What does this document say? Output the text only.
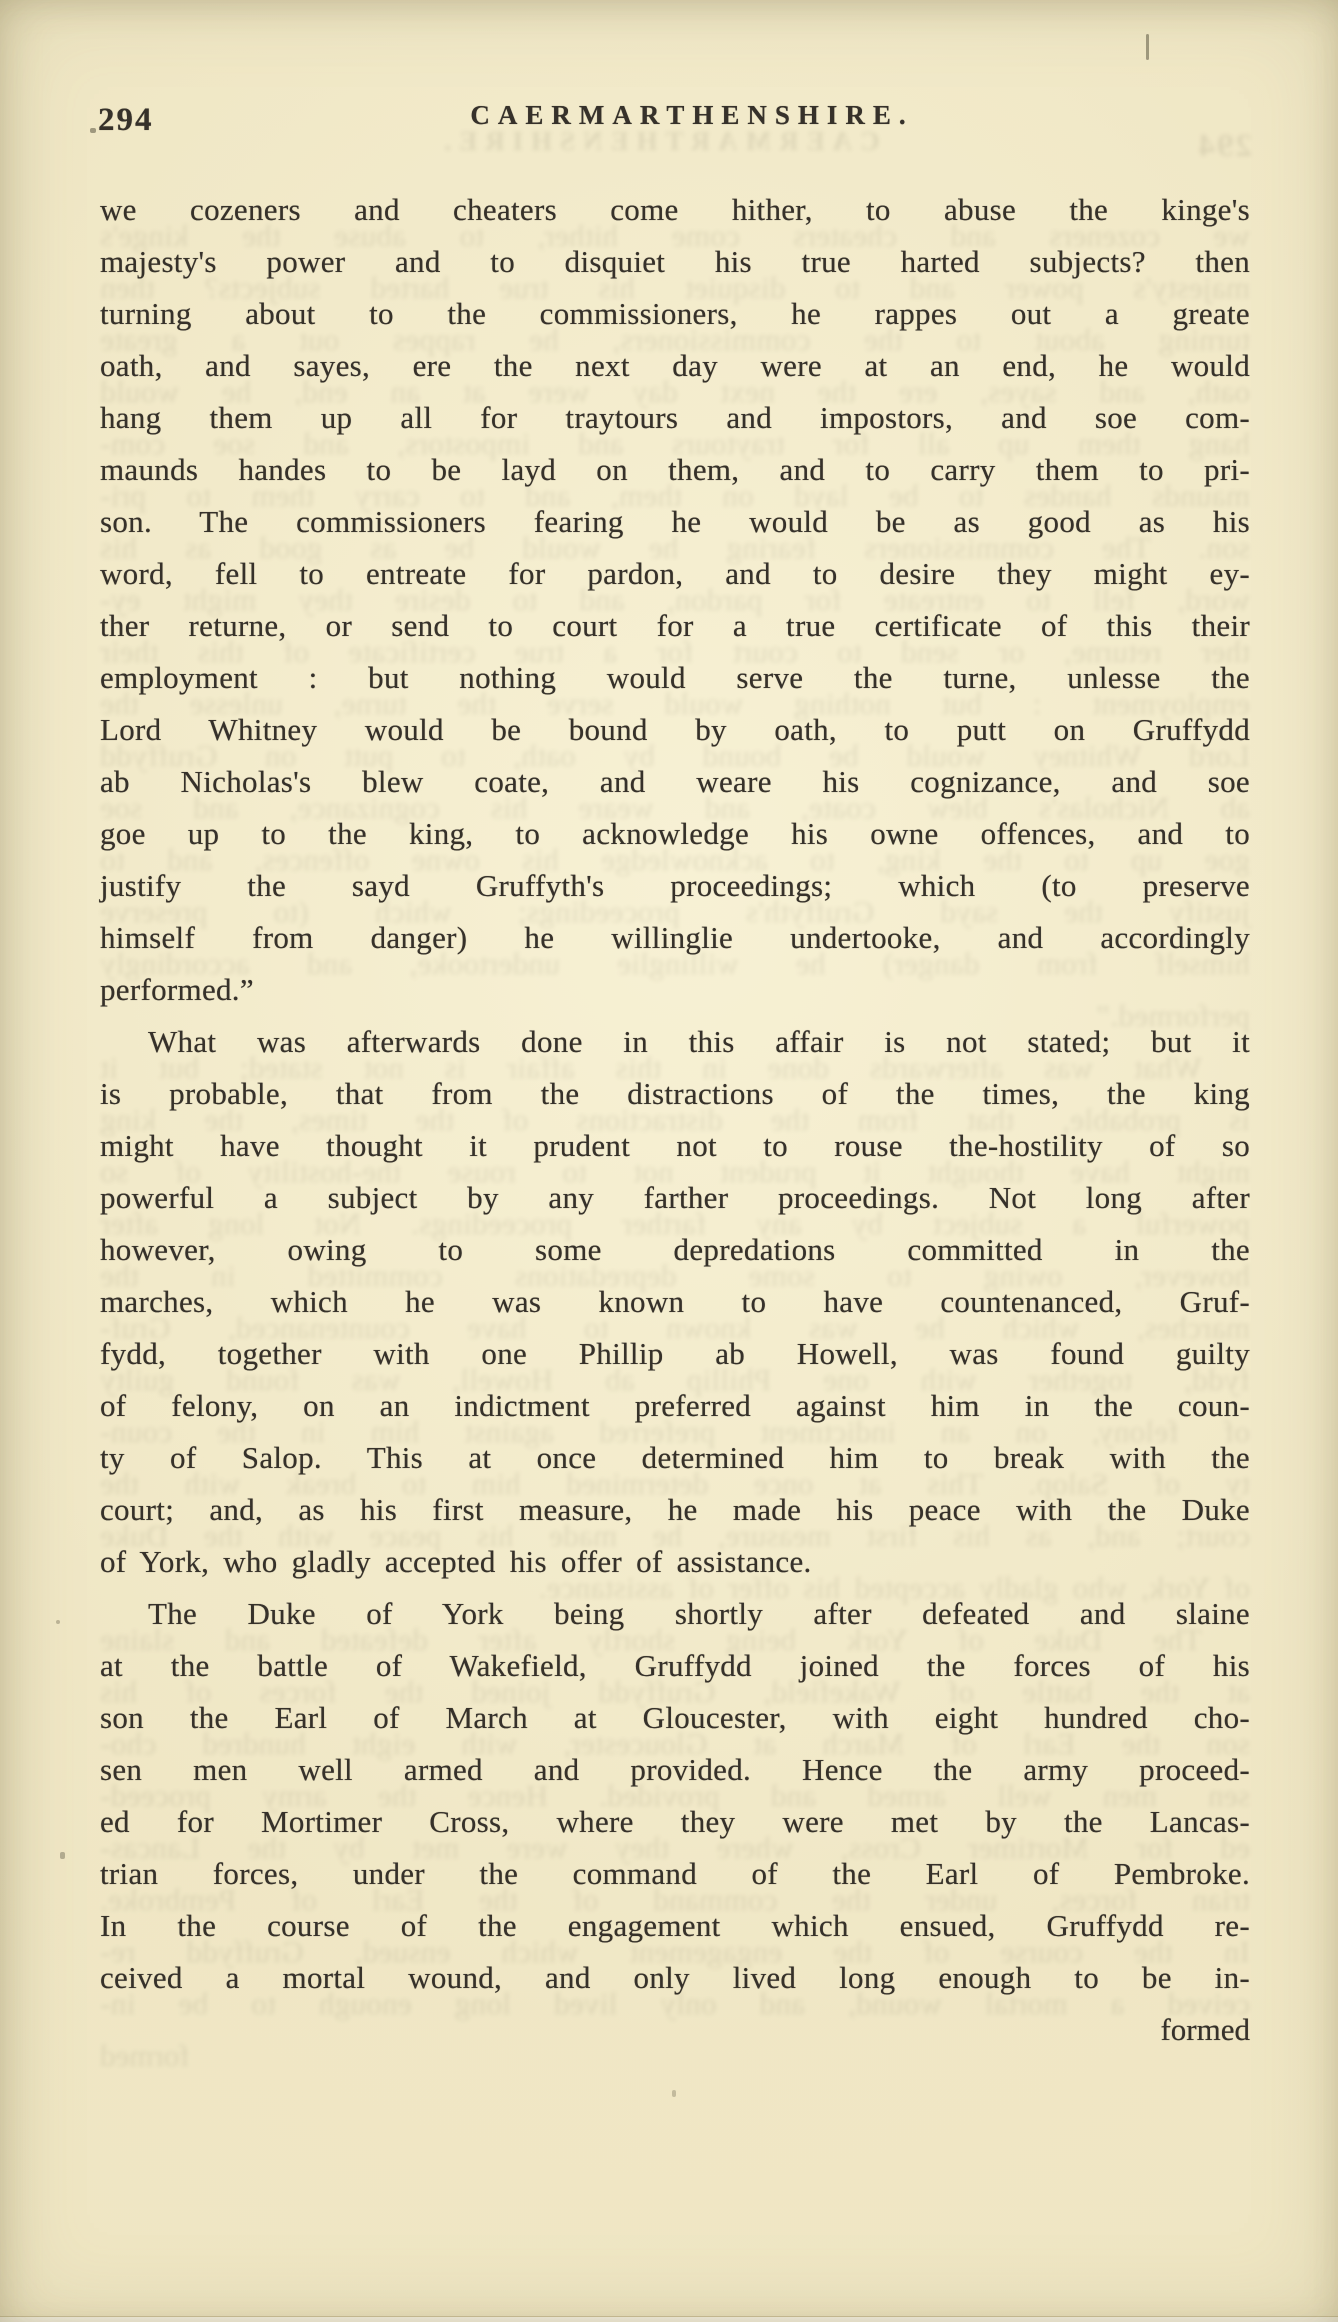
294
CAERMARTHENSHIRE.
we cozeners and cheaters come hither, to abuse the kinge's
majesty's power and to disquiet his true harted subjects? then
turning about to the commissioners, he rappes out a greate
oath, and sayes, ere the next day were at an end, he would
hang them up all for traytours and impostors, and soe com-
maunds handes to be layd on them, and to carry them to pri-
son. The commissioners fearing he would be as good as his
word, fell to entreate for pardon, and to desire they might ey-
ther returne, or send to court for a true certificate of this their
employment : but nothing would serve the turne, unlesse the
Lord Whitney would be bound by oath, to putt on Gruffydd
ab Nicholas's blew coate, and weare his cognizance, and soe
goe up to the king, to acknowledge his owne offences, and to
justify the sayd Gruffyth's proceedings; which (to preserve
himself from danger) he willinglie undertooke, and accordingly
performed.”
What was afterwards done in this affair is not stated; but it
is probable, that from the distractions of the times, the king
might have thought it prudent not to rouse the-hostility of so
powerful a subject by any farther proceedings. Not long after
however, owing to some depredations committed in the
marches, which he was known to have countenanced, Gruf-
fydd, together with one Phillip ab Howell, was found guilty
of felony, on an indictment preferred against him in the coun-
ty of Salop. This at once determined him to break with the
court; and, as his first measure, he made his peace with the Duke
of York, who gladly accepted his offer of assistance.
The Duke of York being shortly after defeated and slaine
at the battle of Wakefield, Gruffydd joined the forces of his
son the Earl of March at Gloucester, with eight hundred cho-
sen men well armed and provided. Hence the army proceed-
ed for Mortimer Cross, where they were met by the Lancas-
trian forces, under the command of the Earl of Pembroke.
In the course of the engagement which ensued, Gruffydd re-
ceived a mortal wound, and only lived long enough to be in-
formed
294	CAERMARTHENSHIRE.
we cozeners and cheaters come hither, to abuse the kinge's
majesty's power and to disquiet his true harted subjects? then
turning about to the commissioners, he rappes out a greate
oath, and sayes, ere the next day were at an end, he would
hang them up all for traytours and impostors, and soe com-
maunds handes to be layd on them, and to carry them to pri-
son. The commissioners fearing he would be as good as his
word, fell to entreate for pardon, and to desire they might ey-
ther returne, or send to court for a true certificate of this their
employment : but nothing would serve the turne, unlesse the
Lord Whitney would be bound by oath, to putt on Gruffydd
ab Nicholas's blew coate, and weare his cognizance, and soe
goe up to the king, to acknowledge his owne offences, and to
justify the sayd Gruffyth's proceedings; which (to preserve
himself from danger) he willinglie undertooke, and accordingly
performed.”
What was afterwards done in this affair is not stated; but it
is probable, that from the distractions of the times, the king
might have thought it prudent not to rouse the-hostility of so
powerful a subject by any farther proceedings. Not long after
however, owing to some depredations committed in the
marches, which he was known to have countenanced, Gruf-
fydd, together with one Phillip ab Howell, was found guilty
of felony, on an indictment preferred against him in the coun-
ty of Salop. This at once determined him to break with the
court; and, as his first measure, he made his peace with the Duke
of York, who gladly accepted his offer of assistance.
The Duke of York being shortly after defeated and slaine
at the battle of Wakefield, Gruffydd joined the forces of his
son the Earl of March at Gloucester, with eight hundred cho-
sen men well armed and provided. Hence the army proceed-
ed for Mortimer Cross, where they were met by the Lancas-
trian forces, under the command of the Earl of Pembroke.
In the course of the engagement which ensued, Gruffydd re-
ceived a mortal wound, and only lived long enough to be in-
formed
